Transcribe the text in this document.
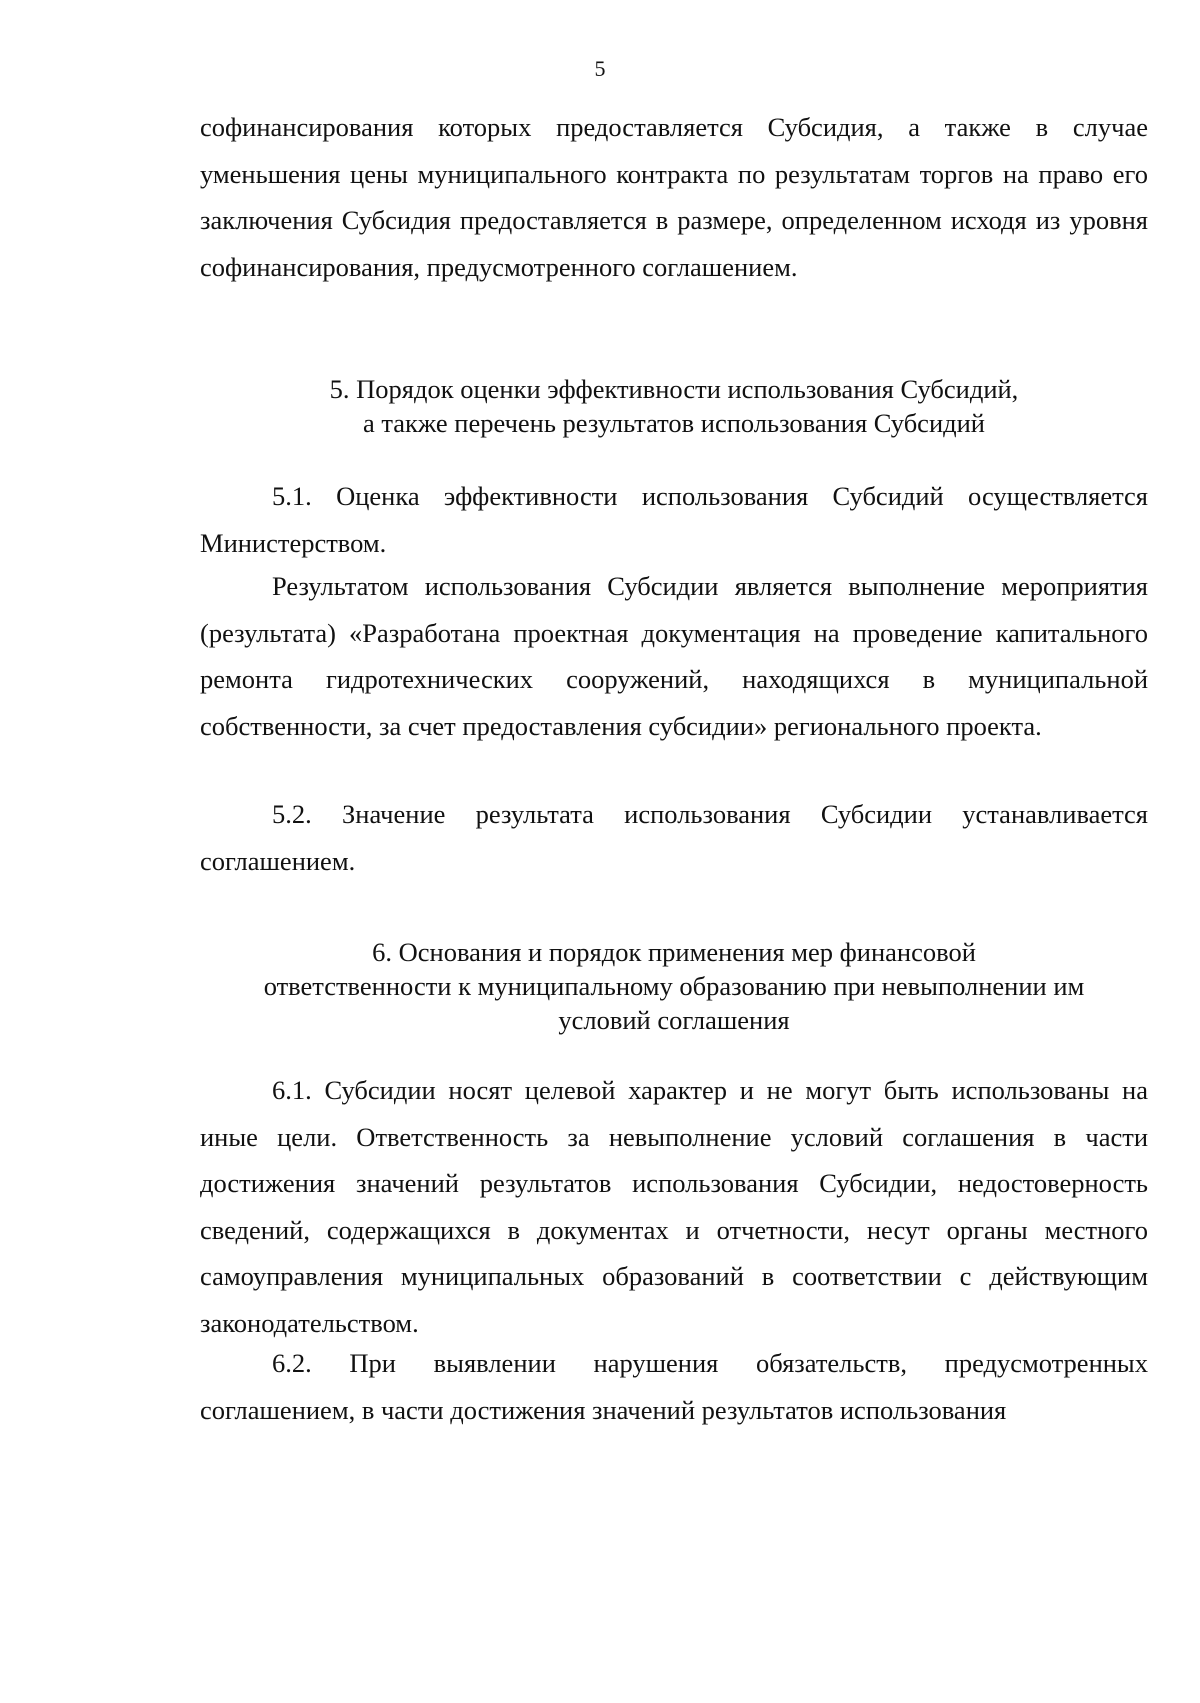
5

софинансирования которых предоставляется Субсидия, а также в случае уменьшения цены муниципального контракта по результатам торгов на право его заключения Субсидия предоставляется в размере, определенном исходя из уровня софинансирования, предусмотренного соглашением.

5. Порядок оценки эффективности использования Субсидий,
а также перечень результатов использования Субсидий

5.1. Оценка эффективности использования Субсидий осуществляется Министерством.

Результатом использования Субсидии является выполнение мероприятия (результата) «Разработана проектная документация на проведение капитального ремонта гидротехнических сооружений, находящихся в муниципальной собственности, за счет предоставления субсидии» регионального проекта.

5.2. Значение результата использования Субсидии устанавливается соглашением.

6. Основания и порядок применения мер финансовой
ответственности к муниципальному образованию при невыполнении им
условий соглашения

6.1. Субсидии носят целевой характер и не могут быть использованы на иные цели. Ответственность за невыполнение условий соглашения в части достижения значений результатов использования Субсидии, недостоверность сведений, содержащихся в документах и отчетности, несут органы местного самоуправления муниципальных образований в соответствии с действующим законодательством.

6.2. При выявлении нарушения обязательств, предусмотренных соглашением, в части достижения значений результатов использования
